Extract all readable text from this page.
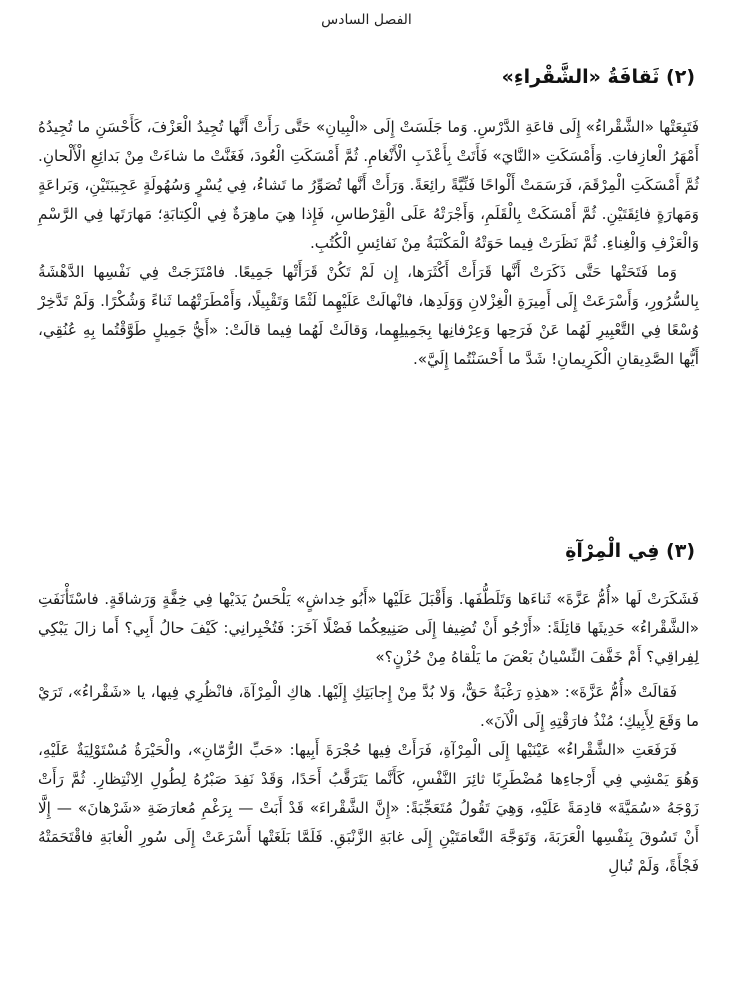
الفصل السادس
(٢) ثَقافَةُ «الشَّقْراءِ»

فَتَبِعَتْها «الشَّقْراءُ» إِلَى قاعَةِ الدَّرْسِ. وَما جَلَسَتْ إِلَى «الْبِيانِ» حَتَّى رَأَتْ أَنَّها تُجِيدُ الْعَزْفَ، كَأَحْسَنِ ما تُجِيدُهُ أَمْهَرُ الْعازِفاتِ. وَأَمْسَكَتِ «النَّايَ» فَأَتَتْ بِأَعْذَبِ الْأَنْغامِ. ثُمَّ أَمْسَكَتِ الْعُودَ، فَغَنَّتْ ما شاءَتْ مِنْ بَدائِعِ الْأَلْحانِ. ثُمَّ أَمْسَكَتِ الْمِرْقَمَ، فَرَسَمَتْ أَلْواحًا فَنِّيَّةً رائِعَةً. وَرَأَتْ أَنَّها تُصَوِّرُ ما تَشاءُ، فِي يُسْرٍ وَسُهُولَةٍ عَجِيبَتَيْنِ، وَبَراعَةٍ وَمَهارَةٍ فائِقَتَيْنِ. ثُمَّ أَمْسَكَتْ بِالْقَلَمِ، وَأَجْرَتْهُ عَلَى الْقِرْطاسِ، فَإِذا هِيَ ماهِرَةٌ فِي الْكِتابَةِ؛ مَهارَتَها فِي الرَّسْمِ وَالْعَزْفِ وَالْغِناءِ. ثُمَّ نَظَرَتْ فِيما حَوَتْهُ الْمَكْتَبَةُ مِنْ نَفائِسِ الْكُتُبِ.

وَما فَتَحَتْها حَتَّى ذَكَرَتْ أَنَّها قَرَأَتْ أَكْثَرَها، إِن لَمْ تَكُنْ قَرَأَتْها جَمِيعًا. فامْتَزَجَتْ فِي نَفْسِها الدَّهْشَةُ بِالسُّرُورِ، وَأَسْرَعَتْ إِلَى أَمِيرَةِ الْغِزْلانِ وَوَلَدِها، فانْهالَتْ عَلَيْهِما لَثْمًا وَتَقْبِيلًا، وَأَمْطَرَتْهُما ثَناءً وَشُكْرًا. وَلَمْ تَدَّخِرْ وُسْعًا فِي التَّعْبِيرِ لَهُما عَنْ فَرَحِها وَعِرْفانِها بِجَمِيلِهِما، وَقالَتْ لَهُما فِيما قالَتْ: «أَيُّ جَمِيلٍ طَوَّقْتُما بِهِ عُنُقِي، أَيُّها الصَّدِيقانِ الْكَرِيمانِ! شَدَّ ما أَحْسَنْتُما إِلَيَّ».

(٣) فِي الْمِرْآةِ

فَشَكَرَتْ لَها «أُمُّ عَزَّةَ» ثَناءَها وَتَلَطُّفَها. وَأَقْبَلَ عَلَيْها «أَبُو خِداشٍ» يَلْحَسُ يَدَيْها فِي خِفَّةٍ وَرَشاقَةٍ. فاسْتَأْنَفَتِ «الشَّقْراءُ» حَدِيثَها قائِلَةً: «أَرْجُو أَنْ تُضِيفا إِلَى صَنِيعِكُما فَضْلًا آخَرَ: فَتُخْبِرانِي: كَيْفَ حالُ أَبِي؟ أَما زالَ يَبْكِي لِفِراقِي؟ أَمْ خَفَّفَ النِّسْيانُ بَعْضَ ما يَلْقاهُ مِنْ حُزْنٍ؟»

فَقالَتْ «أُمُّ عَزَّةَ»: «هذِهِ رَغْبَةٌ حَقٌّ، وَلا بُدَّ مِنْ إِجابَتِكِ إِلَيْها. هاكِ الْمِرْآةَ، فانْظُرِي فِيها، يا «شَقْراءُ»، تَرَيْ ما وَقَعَ لِأَبِيكِ؛ مُنْذُ فارَقْتِهِ إِلَى الْآنَ».

فَرَفَعَتِ «الشَّقْراءُ» عَيْنَيْها إِلَى الْمِرْآةِ، فَرَأَتْ فِيها حُجْرَةَ أَبِيها: «حَبِّ الرُّمّانِ»، والْحَيْرَةُ مُسْتَوْلِيَةٌ عَلَيْهِ، وَهُوَ يَمْشِي فِي أَرْجاءِها مُضْطَرِبًا ثائِرَ النَّفْسِ، كَأَنَّما يَتَرَقَّبُ أَحَدًا، وَقَدْ نَفِدَ صَبْرُهُ لِطُولِ الِانْتِظارِ. ثُمَّ رَأَتْ زَوْجَهُ «سُمَيَّةَ» قادِمَةً عَلَيْهِ، وَهِيَ تَقُولُ مُتَعَجِّبَةً: «إِنَّ الشَّقْراءَ» قَدْ أَبَتْ — بِرَغْمِ مُعارَضَةِ «شَرْهانَ» — إِلَّا أَنْ تَسُوقَ بِنَفْسِها الْعَرَبَةَ، وَتَوَجَّهَ النَّعامَتَيْنِ إِلَى غابَةِ الزَّنْبَقِ. فَلَمَّا بَلَغَتْها أَسْرَعَتْ إِلَى سُورِ الْغابَةِ فاقْتَحَمَتْهُ فَجْأَةً، وَلَمْ تُبالِ
